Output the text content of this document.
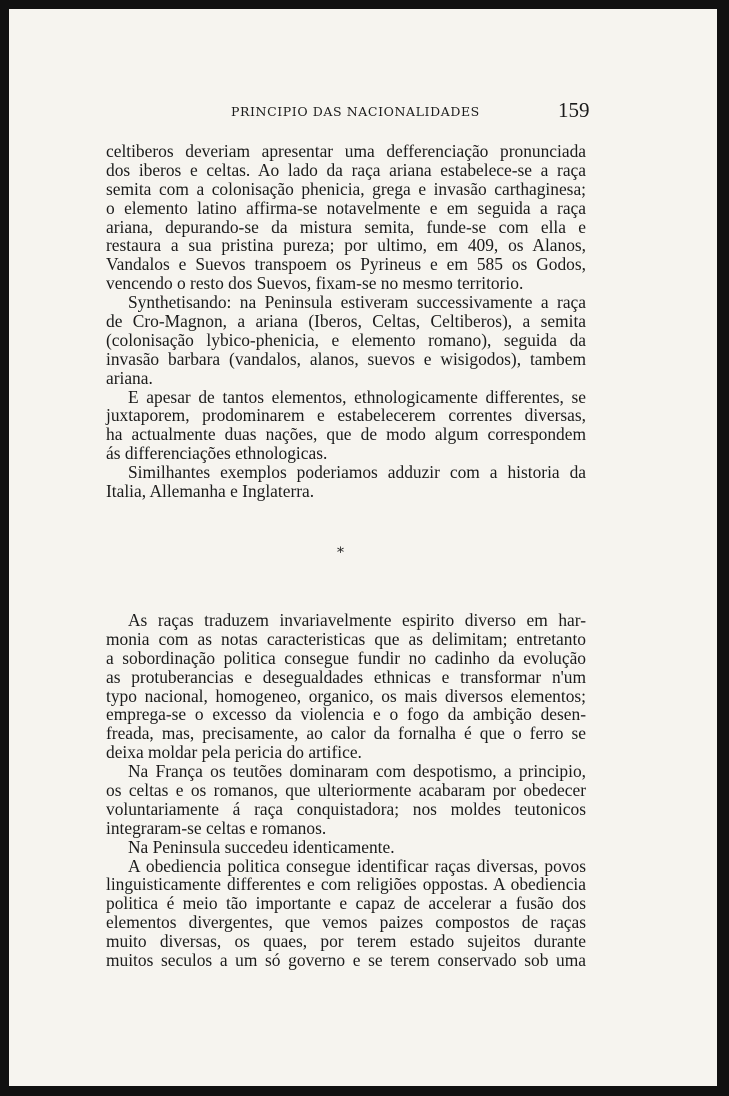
PRINCIPIO DAS NACIONALIDADES	159
celtiberos deveriam apresentar uma defferenciação pronunciada
dos iberos e celtas. Ao lado da raça ariana estabelece-se a raça
semita com a colonisação phenicia, grega e invasão carthaginesa;
o elemento latino affirma-se notavelmente e em seguida a raça
ariana, depurando-se da mistura semita, funde-se com ella e
restaura a sua pristina pureza; por ultimo, em 409, os Alanos,
Vandalos e Suevos transpoem os Pyrineus e em 585 os Godos,
vencendo o resto dos Suevos, fixam-se no mesmo territorio.
Synthetisando: na Peninsula estiveram successivamente a raça
de Cro-Magnon, a ariana (Iberos, Celtas, Celtiberos), a semita
(colonisação lybico-phenicia, e elemento romano), seguida da
invasão barbara (vandalos, alanos, suevos e wisigodos), tambem
ariana.
E apesar de tantos elementos, ethnologicamente differentes, se
juxtaporem, prodominarem e estabelecerem correntes diversas,
ha actualmente duas nações, que de modo algum correspondem
ás differenciações ethnologicas.
Similhantes exemplos poderiamos adduzir com a historia da
Italia, Allemanha e Inglaterra.
*
As raças traduzem invariavelmente espirito diverso em har-
monia com as notas caracteristicas que as delimitam; entretanto
a sobordinação politica consegue fundir no cadinho da evolução
as protuberancias e desegualdades ethnicas e transformar n'um
typo nacional, homogeneo, organico, os mais diversos elementos;
emprega-se o excesso da violencia e o fogo da ambição desen-
freada, mas, precisamente, ao calor da fornalha é que o ferro se
deixa moldar pela pericia do artifice.
Na França os teutões dominaram com despotismo, a principio,
os celtas e os romanos, que ulteriormente acabaram por obedecer
voluntariamente á raça conquistadora; nos moldes teutonicos
integraram-se celtas e romanos.
Na Peninsula succedeu identicamente.
A obediencia politica consegue identificar raças diversas, povos
linguisticamente differentes e com religiões oppostas. A obediencia
politica é meio tão importante e capaz de accelerar a fusão dos
elementos divergentes, que vemos paizes compostos de raças
muito diversas, os quaes, por terem estado sujeitos durante
muitos seculos a um só governo e se terem conservado sob uma
